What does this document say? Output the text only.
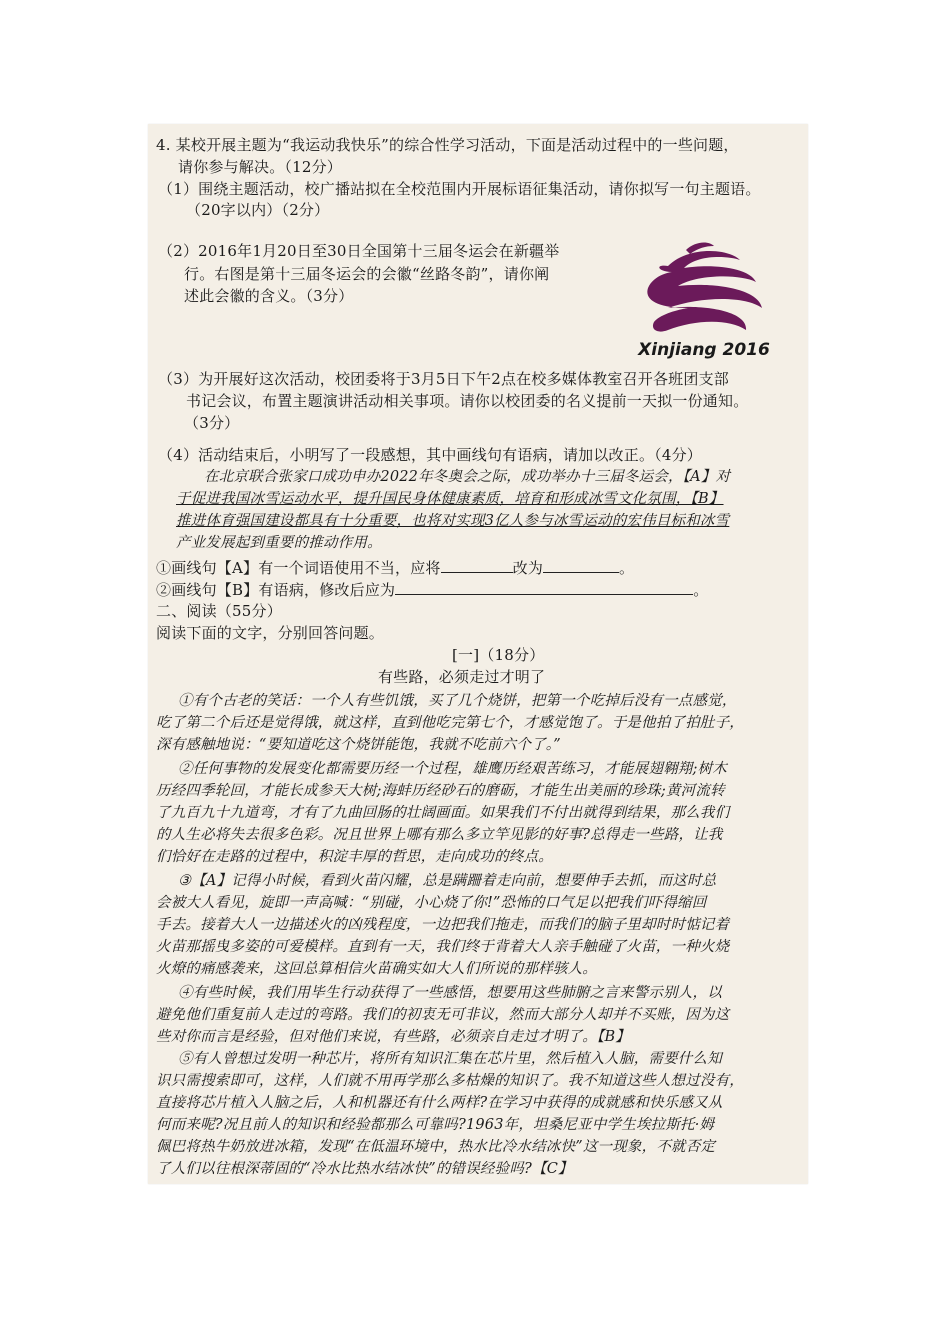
4. 某校开展主题为“我运动我快乐”的综合性学习活动，下面是活动过程中的一些问题，
请你参与解决。（12分）
（1）围绕主题活动，校广播站拟在全校范围内开展标语征集活动，请你拟写一句主题语。
（20字以内）（2分）
（2）2016年1月20日至30日全国第十三届冬运会在新疆举
行。右图是第十三届冬运会的会徽“丝路冬韵”，请你阐
述此会徽的含义。（3分）
Xinjiang 2016
（3）为开展好这次活动，校团委将于3月5日下午2点在校多媒体教室召开各班团支部
书记会议，布置主题演讲活动相关事项。请你以校团委的名义提前一天拟一份通知。
（3分）
（4）活动结束后，小明写了一段感想，其中画线句有语病，请加以改正。（4分）
在北京联合张家口成功申办2022年冬奥会之际，成功举办十三届冬运会，【A】对
于促进我国冰雪运动水平，提升国民身体健康素质，培育和形成冰雪文化氛围，【B】
推进体育强国建设都具有十分重要，也将对实现3亿人参与冰雪运动的宏伟目标和冰雪
产业发展起到重要的推动作用。
①画线句【A】有一个词语使用不当，应将	改为	。
②画线句【B】有语病，修改后应为	。
二、阅读（55分）
阅读下面的文字，分别回答问题。
[一]（18分）
有些路，必须走过才明了
①有个古老的笑话：一个人有些饥饿，买了几个烧饼，把第一个吃掉后没有一点感觉，
吃了第二个后还是觉得饿，就这样，直到他吃完第七个，才感觉饱了。于是他拍了拍肚子，
深有感触地说：“要知道吃这个烧饼能饱，我就不吃前六个了。”
②任何事物的发展变化都需要历经一个过程，雄鹰历经艰苦练习，才能展翅翱翔;树木
历经四季轮回，才能长成参天大树;海蚌历经砂石的磨砺，才能生出美丽的珍珠;黄河流转
了九百九十九道弯，才有了九曲回肠的壮阔画面。如果我们不付出就得到结果，那么我们
的人生必将失去很多色彩。况且世界上哪有那么多立竿见影的好事?总得走一些路，让我
们恰好在走路的过程中，积淀丰厚的哲思，走向成功的终点。
③【A】记得小时候，看到火苗闪耀，总是蹒跚着走向前，想要伸手去抓，而这时总
会被大人看见，旋即一声高喊：“别碰，小心烧了你!”恐怖的口气足以把我们吓得缩回
手去。接着大人一边描述火的凶残程度，一边把我们拖走，而我们的脑子里却时时惦记着
火苗那摇曳多姿的可爱模样。直到有一天，我们终于背着大人亲手触碰了火苗，一种火烧
火燎的痛感袭来，这回总算相信火苗确实如大人们所说的那样骇人。
④有些时候，我们用毕生行动获得了一些感悟，想要用这些肺腑之言来警示别人，以
避免他们重复前人走过的弯路。我们的初衷无可非议，然而大部分人却并不买账，因为这
些对你而言是经验，但对他们来说，有些路，必须亲自走过才明了。【B】
⑤有人曾想过发明一种芯片，将所有知识汇集在芯片里，然后植入人脑，需要什么知
识只需搜索即可，这样，人们就不用再学那么多枯燥的知识了。我不知道这些人想过没有，
直接将芯片植入人脑之后，人和机器还有什么两样?在学习中获得的成就感和快乐感又从
何而来呢?况且前人的知识和经验都那么可靠吗?1963年，坦桑尼亚中学生埃拉斯托·姆
佩巴将热牛奶放进冰箱，发现“在低温环境中，热水比冷水结冰快”这一现象，不就否定
了人们以往根深蒂固的“冷水比热水结冰快”的错误经验吗?【C】
